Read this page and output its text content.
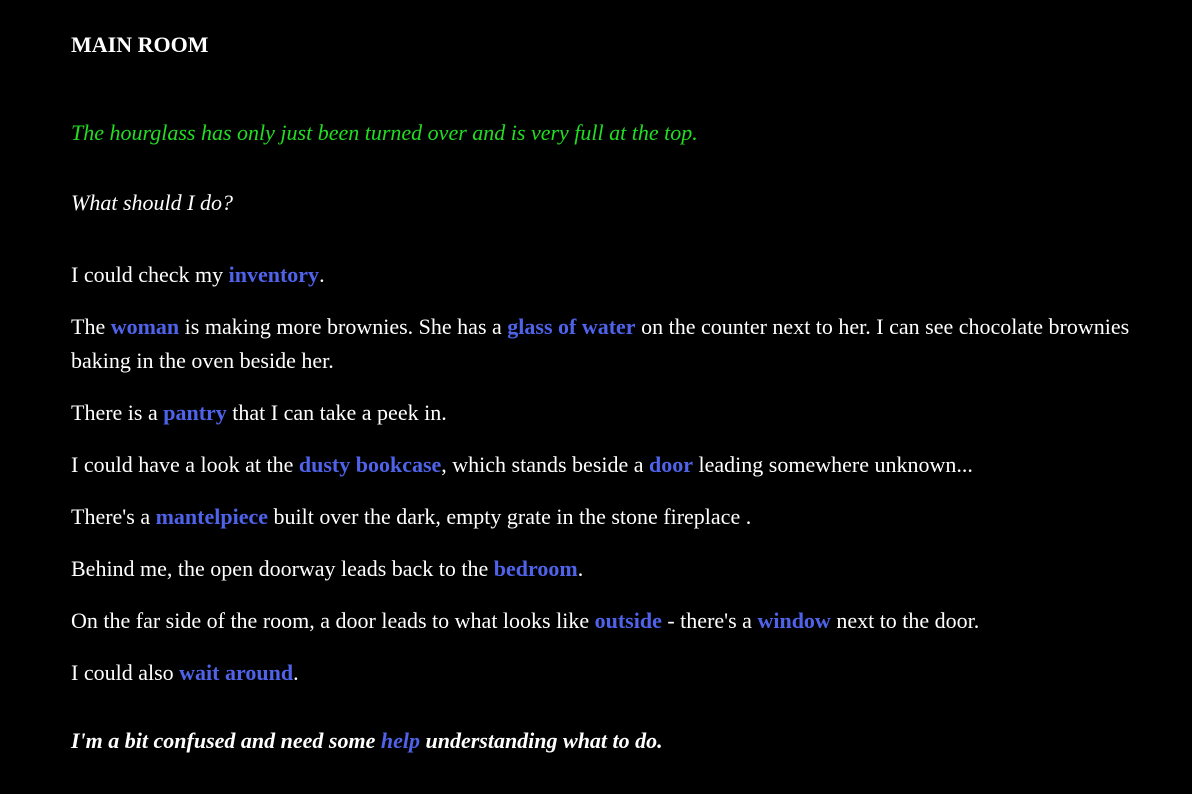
MAIN ROOM
The hourglass has only just been turned over and is very full at the top.
What should I do?
I could check my inventory.
The woman is making more brownies. She has a glass of water on the counter next to her. I can see chocolate brownies baking in the oven beside her.
There is a pantry that I can take a peek in.
I could have a look at the dusty bookcase, which stands beside a door leading somewhere unknown...
There's a mantelpiece built over the dark, empty grate in the stone fireplace .
Behind me, the open doorway leads back to the bedroom.
On the far side of the room, a door leads to what looks like outside - there's a window next to the door.
I could also wait around.
I'm a bit confused and need some help understanding what to do.
